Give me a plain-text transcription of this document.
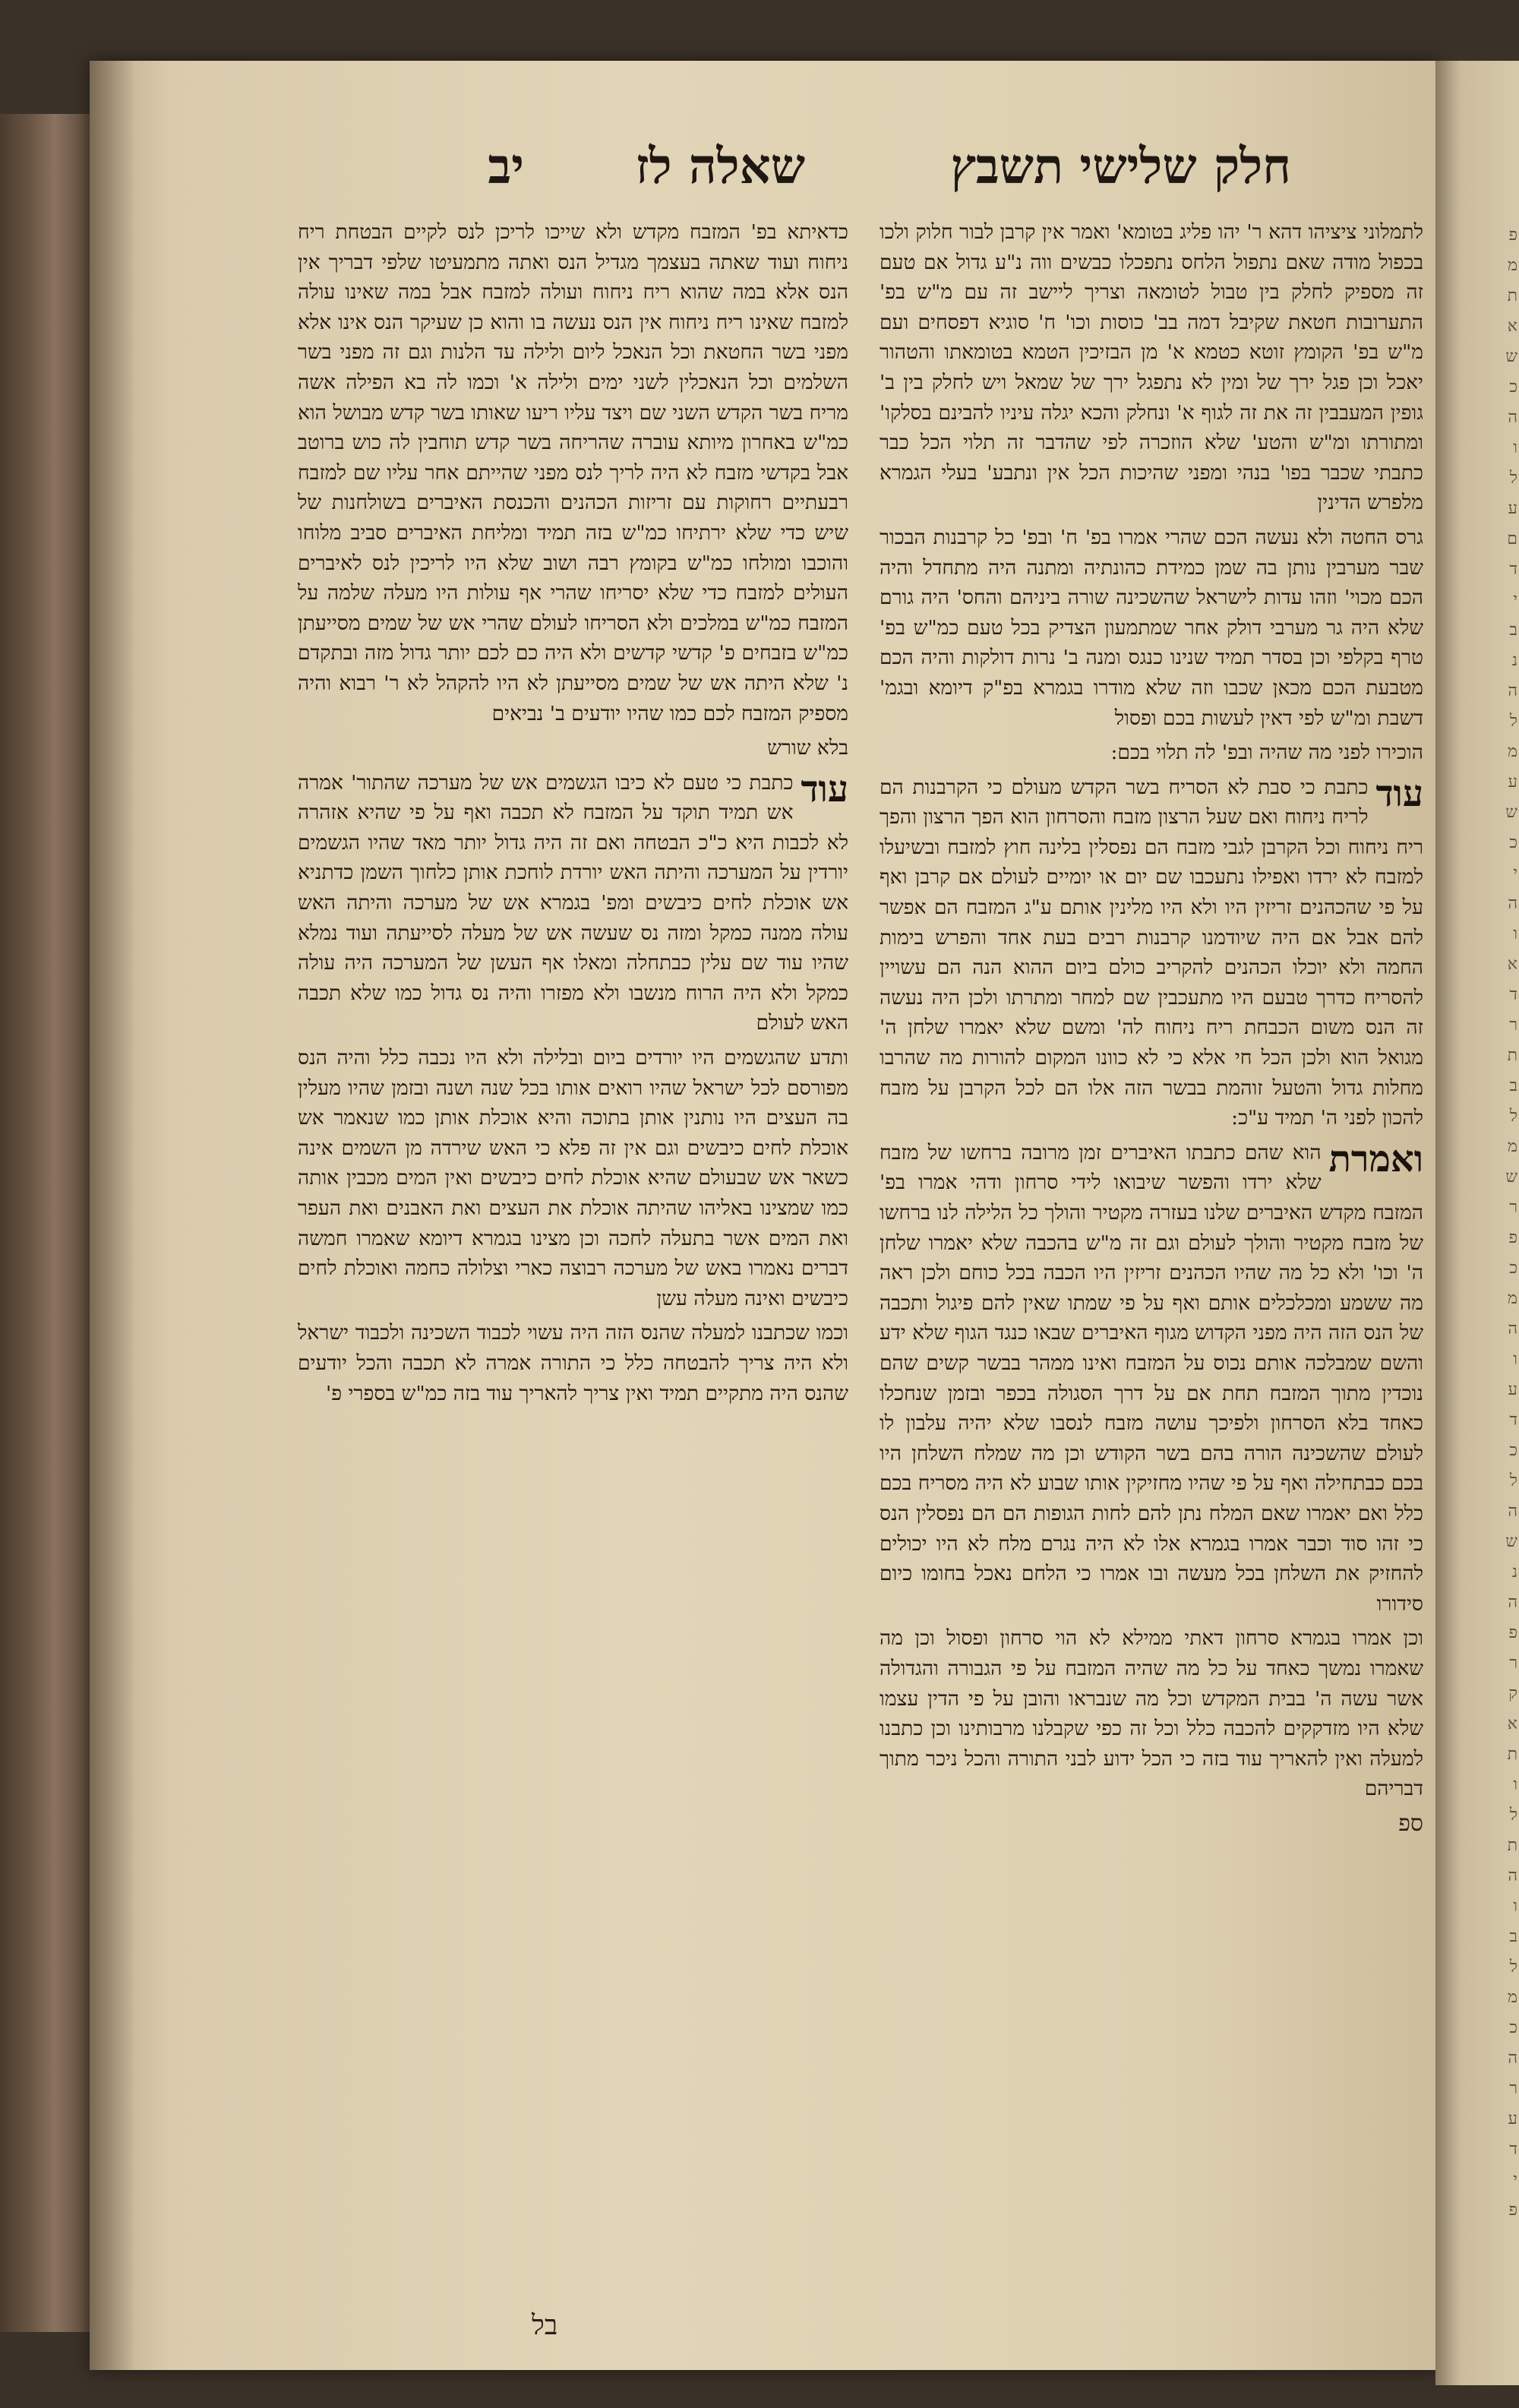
פ
מ
ת
א
ש
כ
ה
ו
ל
ע
ם
ד
י
ב
נ
ה
ל
מ
ע
ש
כ
י
ה
ו
א
ד
ר
ת
ב
ל
מ
ש
ר
פ
כ
מ
ה
ו
ע
ד
כ
ל
ה
ש
נ
ה
פ
ר
ק
א
ת
ו
ל
ת
ה
ו
ב
ל
מ
כ
ה
ר
ע
ד
י
פ
חלק שלישי
תשבץ
שאלה לז
יב

לתמלוני ציציהו דהא ר' יהו פליג בטומא' ואמר אין קרבן לבור חלוק ולכו בכפול מודה שאם נתפול הלחס נתפכלו כבשים ווה נ"ע גדול אם טעם זה מספיק לחלק בין טבול לטומאה וצריך ליישב זה עם מ"ש בפ' התערובות חטאת שקיבל דמה בב' כוסות וכו' ח' סוגיא דפסחים ועם מ"ש בפ' הקומץ זוטא כטמא א' מן הבזיכין הטמא בטומאתו והטהור יאכל וכן פגל ירך של ומין לא נתפגל ירך של שמאל ויש לחלק בין ב' גופין המעבבין זה את זה לגוף א' ונחלק והכא יגלה עיניו להבינם בסלקו' ומתורתו ומ"ש והטע' שלא הוזכרה לפי שהדבר זה תלוי הכל כבר כתבתי שכבר בפו' בנהי ומפני שהיכות הכל אין ונתבע' בעלי הגמרא מלפרש הדינין

גרס החטה ולא נעשה הכם שהרי אמרו בפ' ח' ובפ' כל קרבנות הבכור שבר מערבין נותן בה שמן כמידת כהונתיה ומתנה היה מתחדל והיה הכם מכוי' וזהו עדות לישראל שהשכינה שורה ביניהם והחס' היה גורם שלא היה גר מערבי דולק אחר שמתמעון הצדיק בכל טעם כמ"ש בפ' טרף בקלפי וכן בסדר תמיד שנינו כנגס ומנה ב' נרות דולקות והיה הכם מטבעת הכם מכאן שכבו וזה שלא מודרו בגמרא בפ"ק דיומא ובגמ' דשבת ומ"ש לפי דאין לעשות בכם ופסול

הוכירו לפני מה שהיה ובפ' לה תלוי בכם:

עוד
כתבת כי סבת לא הסריח בשר הקדש מעולם כי הקרבנות הם לריח ניחוח ואם שעל הרצון מזבח והסרחון הוא הפך הרצון והפך ריח ניחוח וכל הקרבן לגבי מזבח הם נפסלין בלינה חוץ למזבח ובשיעלו למזבח לא ירדו ואפילו נתעכבו שם יום או יומיים לעולם אם קרבן ואף על פי שהכהנים זריזין היו ולא היו מלינין אותם ע"ג המזבח הם אפשר להם אבל אם היה שיודמנו קרבנות רבים בעת אחד והפרש בימות החמה ולא יוכלו הכהנים להקריב כולם ביום ההוא הנה הם עשויין להסריח כדרך טבעם היו מתעכבין שם למחר ומתרתו ולכן היה נעשה זה הנס משום הכבחת ריח ניחוח לה' ומשם שלא יאמרו שלחן ה' מגואל הוא ולכן הכל חי אלא כי לא כוונו המקום להורות מה שהרבו מחלות גדול והטעל זוהמת בבשר הזה אלו הם לכל הקרבן על מזבח להכון לפני ה' תמיד ע"כ:

ואמרת
הוא שהם כתבתו האיברים זמן מרובה ברחשו של מזבח שלא ירדו והפשר שיבואו לידי סרחון ודהי אמרו בפ' המזבח מקדש האיברים שלנו בעזרה מקטיר והולך כל הלילה לנו ברחשו של מזבח מקטיר והולך לעולם וגם זה מ"ש בהכבה שלא יאמרו שלחן ה' וכו' ולא כל מה שהיו הכהנים זריזין היו הכבה בכל כוחם ולכן ראה מה ששמע ומכלכלים אותם ואף על פי שמתו שאין להם פיגול ותכבה של הנס הזה היה מפני הקדוש מגוף האיברים שבאו כנגד הגוף שלא ידע והשם שמבלכה אותם נכוס על המזבח ואינו ממהר בבשר קשים שהם נוכדין מתוך המזבח תחת אם על דרך הסגולה בכפר ובזמן שנחכלו כאחד בלא הסרחון ולפיכך עושה מזבח לנסבו שלא יהיה עלבון לו לעולם שהשכינה הורה בהם בשר הקודש וכן מה שמלח השלחן היו בכם כבתחילה ואף על פי שהיו מחזיקין אותו שבוע לא היה מסריח בכם כלל ואם יאמרו שאם המלח נתן להם לחות הגופות הם הם נפסלין הנס כי זהו סוד וכבר אמרו בגמרא אלו לא היה נגרם מלח לא היו יכולים להחזיק את השלחן בכל מעשה ובו אמרו כי הלחם נאכל בחומו כיום סידורו

וכן אמרו בגמרא סרחון דאתי ממילא לא הוי סרחון ופסול וכן מה שאמרו נמשך כאחד על כל מה שהיה המזבח על פי הגבורה והגדולה אשר עשה ה' בבית המקדש וכל מה שנבראו והובן על פי הדין עצמו שלא היו מזדקקים להכבה כלל וכל זה כפי שקבלנו מרבותינו וכן כתבנו למעלה ואין להאריך עוד בזה כי הכל ידוע לבני התורה והכל ניכר מתוך דבריהם

ספ

כדאיתא בפ' המזבח מקדש ולא שייכו לריכן לנס לקיים הבטחת ריח ניחוח ועוד שאתה בעצמך מגדיל הנס ואתה מתמעיטו שלפי דבריך אין הנס אלא במה שהוא ריח ניחוח ועולה למזבח אבל במה שאינו עולה למזבח שאינו ריח ניחוח אין הנס נעשה בו והוא כן שעיקר הנס אינו אלא מפני בשר החטאת וכל הנאכל ליום ולילה עד הלנות וגם זה מפני בשר השלמים וכל הנאכלין לשני ימים ולילה א' וכמו לה בא הפילה אשה מריח בשר הקדש השני שם ויצד עליו ריעו שאותו בשר קדש מבושל הוא כמ"ש באחרון מיותא עוברה שהריחה בשר קדש תוחבין לה כוש ברוטב אבל בקדשי מזבח לא היה לריך לנס מפני שהייתם אחר עליו שם למזבח רבעתיים רחוקות עם זריזות הכהנים והכנסת האיברים בשולחנות של שיש כדי שלא ירתיחו כמ"ש בזה תמיד ומליחת האיברים סביב מלוחו והוכבו ומולחו כמ"ש בקומץ רבה ושוב שלא היו לריכין לנס לאיברים העולים למזבח כדי שלא יסריחו שהרי אף עולות היו מעלה שלמה על המזבח כמ"ש במלכים ולא הסריחו לעולם שהרי אש של שמים מסייעתן כמ"ש בזבחים פ' קדשי קדשים ולא היה כם לכם יותר גדול מזה ובתקדם נ' שלא היתה אש של שמים מסייעתן לא היו להקהל לא ר' רבוא והיה מספיק המזבח לכם כמו שהיו יודעים ב' נביאים

בלא שורש

עוד
כתבת כי טעם לא כיבו הגשמים אש של מערכה שהתור' אמרה אש תמיד תוקד על המזבח לא תכבה ואף על פי שהיא אזהרה לא לכבות היא כ"כ הבטחה ואם זה היה גדול יותר מאד שהיו הגשמים יורדין על המערכה והיתה האש יורדת לוחכת אותן כלחוך השמן כדתניא אש אוכלת לחים כיבשים ומפ' בגמרא אש של מערכה והיתה האש עולה ממנה כמקל ומזה נס שעשה אש של מעלה לסייעתה ועוד נמלא שהיו עוד שם עלין כבתחלה ומאלו אף העשן של המערכה היה עולה כמקל ולא היה הרוח מנשבו ולא מפזרו והיה נס גדול כמו שלא תכבה האש לעולם

ותדע שהגשמים היו יורדים ביום ובלילה ולא היו נכבה כלל והיה הנס מפורסם לכל ישראל שהיו רואים אותו בכל שנה ושנה ובזמן שהיו מעלין בה העצים היו נותנין אותן בתוכה והיא אוכלת אותן כמו שנאמר אש אוכלת לחים כיבשים וגם אין זה פלא כי האש שירדה מן השמים אינה כשאר אש שבעולם שהיא אוכלת לחים כיבשים ואין המים מכבין אותה כמו שמצינו באליהו שהיתה אוכלת את העצים ואת האבנים ואת העפר ואת המים אשר בתעלה לחכה וכן מצינו בגמרא דיומא שאמרו חמשה דברים נאמרו באש של מערכה רבוצה כארי וצלולה כחמה ואוכלת לחים כיבשים ואינה מעלה עשן

וכמו שכתבנו למעלה שהנס הזה היה עשוי לכבוד השכינה ולכבוד ישראל ולא היה צריך להבטחה כלל כי התורה אמרה לא תכבה והכל יודעים שהנס היה מתקיים תמיד ואין צריך להאריך עוד בזה כמ"ש בספרי פ'

בל
